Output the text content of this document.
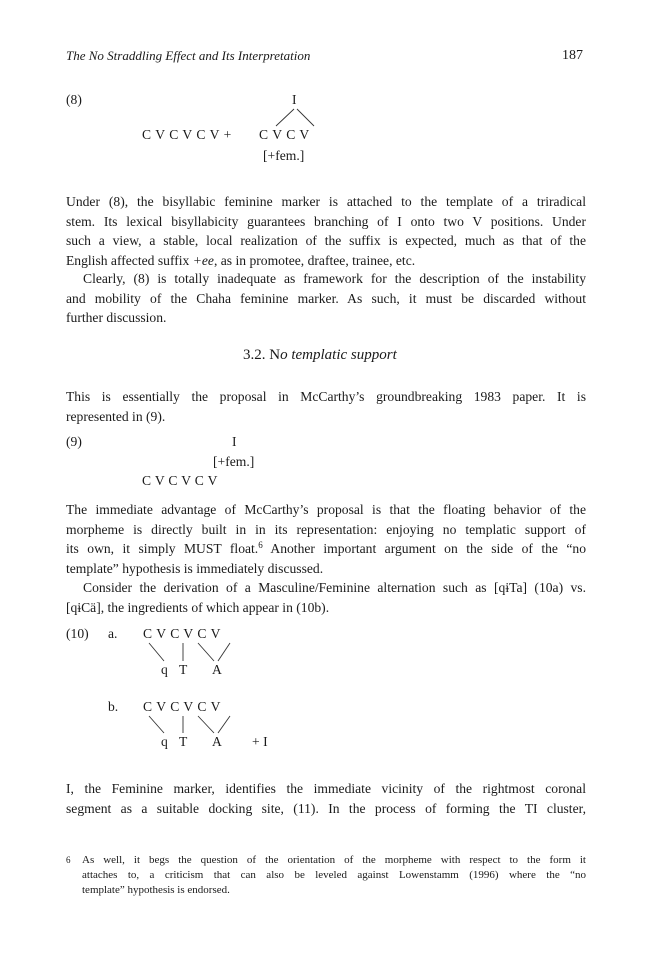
The No Straddling Effect and Its Interpretation	187
(8)	I
C V C V C V + C V C V
[+fem.]
Under (8), the bisyllabic feminine marker is attached to the template of a triradical
stem. Its lexical bisyllabicity guarantees branching of I onto two V positions. Under
such a view, a stable, local realization of the suffix is expected, much as that of the
English affected suffix +ee, as in promotee, draftee, trainee, etc.
Clearly, (8) is totally inadequate as framework for the description of the instability
and mobility of the Chaha feminine marker. As such, it must be discarded without
further discussion.
3.2. No templatic support
This is essentially the proposal in McCarthy’s groundbreaking 1983 paper. It is
represented in (9).
(9)	I
[+fem.]
C V C V C V
The immediate advantage of McCarthy’s proposal is that the floating behavior of the
morpheme is directly built in in its representation: enjoying no templatic support of
its own, it simply MUST float.$^6$ Another important argument on the side of the “no
template” hypothesis is immediately discussed.
Consider the derivation of a Masculine/Feminine alternation such as [qɨTa] (10a) vs.
[qɨCä], the ingredients of which appear in (10b).
(10) a. C V C V C V
q T A
b. C V C V C V
q T A + I
I, the Feminine marker, identifies the immediate vicinity of the rightmost coronal
segment as a suitable docking site, (11). In the process of forming the TI cluster,
6 As well, it begs the question of the orientation of the morpheme with respect to the form it
attaches to, a criticism that can also be leveled against Lowenstamm (1996) where the “no
template” hypothesis is endorsed.
